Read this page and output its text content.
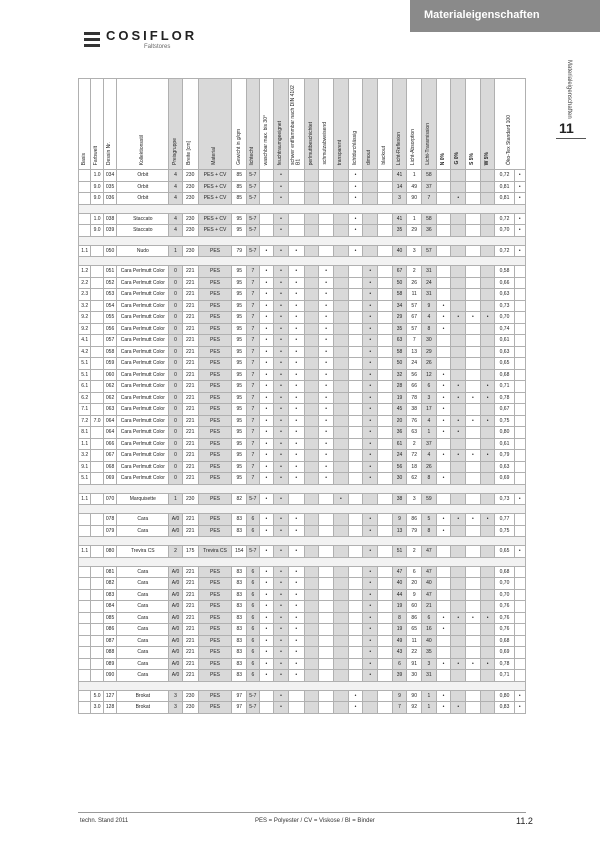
Materialeigenschaften
COSIFLOR
Faltstores
Materialeigenschaften
11
Basis	Farbwelt	Dessin Nr.	Kollektionsstil	Preisgruppe	Breite [cm]	Material	Gewicht in g/qm	lichtecht	waschbar max. bis 30°	feuchtraumgeeignet	schwer entflammbar nach DIN 4102 B1	perlmuttbeschichtet	schmutzabweisend	transparent	lichtdurchlässig	dimout	blackout	Licht-Reflexion	Licht-Absorption	Licht-Transmission	N 0%	G 0%	S 5%	W 5%	Öko-Tex Standard 100	
	1.0	034	Orbit	4	230	PES + CV	85	5-7		•					•			41	1	58					0,72	•
	9.0	035	Orbit	4	230	PES + CV	85	5-7		•					•			14	49	37					0,81	•
	9.0	036	Orbit	4	230	PES + CV	85	5-7		•					•			3	90	7		•			0,81	•

	1.0	038	Staccato	4	230	PES + CV	95	5-7		•					•			41	1	58					0,72	•
	9.0	039	Staccato	4	230	PES + CV	95	5-7		•					•			35	29	36					0,70	•

1.1		050	Nudo	1	230	PES	79	5-7	•	•	•				•			40	3	57					0,72	•

1.2		051	Cara Perlmutt Color	0	221	PES	95	7	•	•	•		•			•		67	2	31					0,58	
2.2		052	Cara Perlmutt Color	0	221	PES	95	7	•	•	•		•			•		50	26	24					0,66	
2.3		053	Cara Perlmutt Color	0	221	PES	95	7	•	•	•		•			•		58	11	31					0,63	
3.2		054	Cara Perlmutt Color	0	221	PES	95	7	•	•	•		•			•		34	57	9	•				0,73	
9.2		055	Cara Perlmutt Color	0	221	PES	95	7	•	•	•		•			•		29	67	4	•	•	•	•	0,70	
9.2		056	Cara Perlmutt Color	0	221	PES	95	7	•	•	•		•			•		35	57	8	•				0,74	
4.1		057	Cara Perlmutt Color	0	221	PES	95	7	•	•	•		•			•		63	7	30					0,61	
4.2		058	Cara Perlmutt Color	0	221	PES	95	7	•	•	•		•			•		58	13	29					0,63	
5.1		059	Cara Perlmutt Color	0	221	PES	95	7	•	•	•		•			•		50	24	26					0,65	
5.1		060	Cara Perlmutt Color	0	221	PES	95	7	•	•	•		•			•		32	56	12	•				0,68	
6.1		062	Cara Perlmutt Color	0	221	PES	95	7	•	•	•		•			•		28	66	6	•	•		•	0,71	
6.2		062	Cara Perlmutt Color	0	221	PES	95	7	•	•	•		•			•		19	78	3	•	•	•	•	0,78	
7.1		063	Cara Perlmutt Color	0	221	PES	95	7	•	•	•		•			•		45	38	17	•				0,67	
7.2	7.0	064	Cara Perlmutt Color	0	221	PES	95	7	•	•	•		•			•		20	76	4	•	•	•	•	0,75	
8.1		064	Cara Perlmutt Color	0	221	PES	95	7	•	•	•		•			•		36	63	1	•	•			0,80	
1.1		066	Cara Perlmutt Color	0	221	PES	95	7	•	•	•		•			•		61	2	37					0,61	
3.2		067	Cara Perlmutt Color	0	221	PES	95	7	•	•	•		•			•		24	72	4	•	•	•	•	0,79	
9.1		068	Cara Perlmutt Color	0	221	PES	95	7	•	•	•		•			•		56	18	26					0,63	
5.1		069	Cara Perlmutt Color	0	221	PES	95	7	•	•	•		•			•		30	62	8	•				0,69	

1.1		070	Marquisette	1	230	PES	82	5-7	•	•				•				38	3	59					0,73	•

		078	Cara	A/0	221	PES	83	6	•	•	•					•		9	86	5	•	•	•	•	0,77	
		079	Cara	A/0	221	PES	83	6	•	•	•					•		13	79	8	•				0,75	

1.1		080	Trevira CS	2	175	Trevira CS	154	5-7	•	•	•					•		51	2	47					0,65	•

		081	Cara	A/0	221	PES	83	6	•	•	•					•		47	6	47					0,68	
		082	Cara	A/0	221	PES	83	6	•	•	•					•		40	20	40					0,70	
		083	Cara	A/0	221	PES	83	6	•	•	•					•		44	9	47					0,70	
		084	Cara	A/0	221	PES	83	6	•	•	•					•		19	60	21					0,76	
		085	Cara	A/0	221	PES	83	6	•	•	•					•		8	86	6	•	•	•	•	0,76	
		086	Cara	A/0	221	PES	83	6	•	•	•					•		19	65	16	•				0,76	
		087	Cara	A/0	221	PES	83	6	•	•	•					•		49	11	40					0,68	
		088	Cara	A/0	221	PES	83	6	•	•	•					•		43	22	35					0,69	
		089	Cara	A/0	221	PES	83	6	•	•	•					•		6	91	3	•	•	•	•	0,78	
		090	Cara	A/0	221	PES	83	6	•	•	•					•		39	30	31					0,71	

	5.0	127	Brokat	3	230	PES	97	5-7		•					•			9	90	1	•				0,80	•
	3.0	128	Brokat	3	230	PES	97	5-7		•					•			7	92	1	•	•			0,83	•
techn. Stand 2011	PES = Polyester / CV = Viskose / BI = Binder	11.2
